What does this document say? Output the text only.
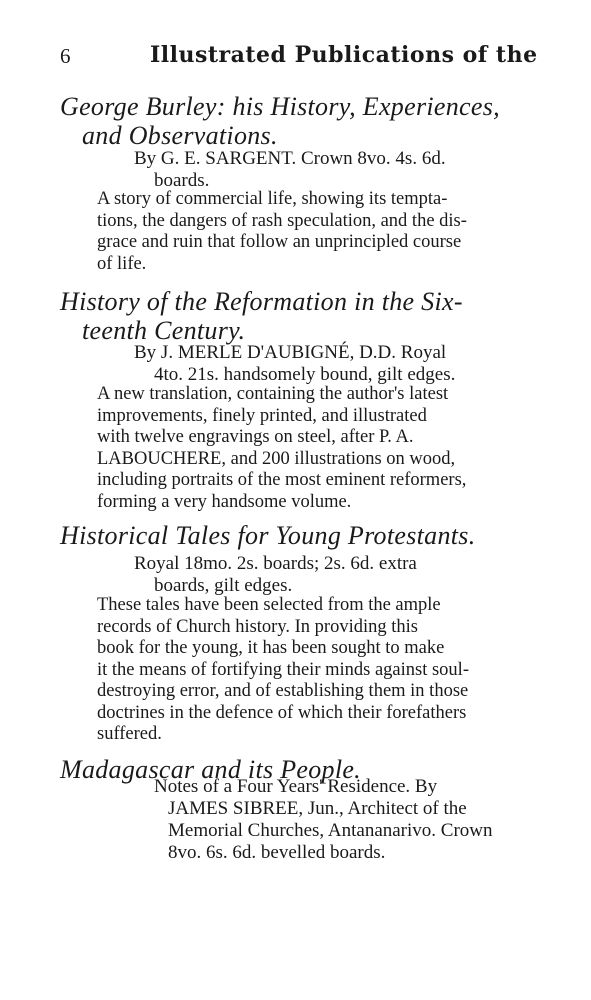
6	Illustrated Publications of the
George Burley: his History, Experiences,
and Observations.
By G. E. SARGENT. Crown 8vo. 4s. 6d.
boards.
A story of commercial life, showing its tempta-
tions, the dangers of rash speculation, and the dis-
grace and ruin that follow an unprincipled course
of life.
History of the Reformation in the Six-
teenth Century.
By J. MERLE D'AUBIGNÉ, D.D. Royal
4to. 21s. handsomely bound, gilt edges.
A new translation, containing the author's latest
improvements, finely printed, and illustrated
with twelve engravings on steel, after P. A.
LABOUCHERE, and 200 illustrations on wood,
including portraits of the most eminent reformers,
forming a very handsome volume.
Historical Tales for Young Protestants.
Royal 18mo. 2s. boards; 2s. 6d. extra
boards, gilt edges.
These tales have been selected from the ample
records of Church history. In providing this
book for the young, it has been sought to make
it the means of fortifying their minds against soul-
destroying error, and of establishing them in those
doctrines in the defence of which their forefathers
suffered.
Madagascar and its People.
Notes of a Four Years' Residence. By
JAMES SIBREE, Jun., Architect of the
Memorial Churches, Antananarivo. Crown
8vo. 6s. 6d. bevelled boards.
